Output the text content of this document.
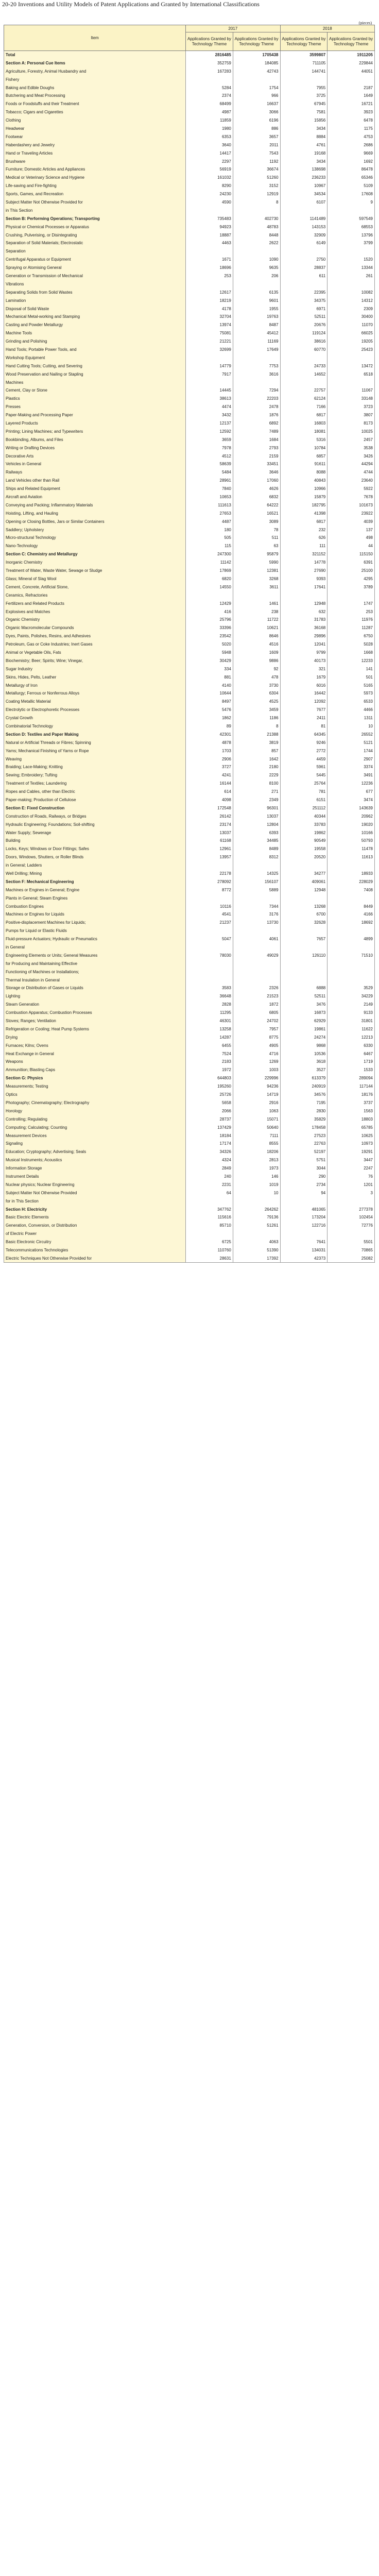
20-20 Inventions and Utility Models of Patent Applications and Granted by International Classifications
(pieces)
Item	2017		2018	
	Applications Granted by Technology Theme	Applications Granted by Technology Theme	Applications Granted by Technology Theme	Applications Granted by Technology Theme
Total	2816485	1705438	3599807	1911205
Section A: Personal Cue Items	352759	184085	711105	229844
Agriculture, Forestry, Animal Husbandry and	167283	42743	144741	44051
Fishery				
Baking and Edible Doughs	5284	1754	7955	2187
Butchering and Meat Processing	2374	966	3725	1649
Foods or Foodstuffs and their Treatment	68499	16637	67945	16721
Tobacco; Cigars and Cigarettes	4987	3066	7581	3923
Clothing	11859	6196	15856	6478
Headwear	1980	886	3434	1175
Footwear	6353	3657	8884	4753
Haberdashery and Jewelry	3640	2011	4761	2686
Hand or Traveling Articles	14417	7543	19168	9669
Brushware	2297	1192	3434	1692
Furniture; Domestic Articles and Appliances	56919	36674	138698	86478
Medical or Veterinary Science and Hygiene	161032	51260	236233	65346
Life-saving and Fire-fighting	8290	3152	10967	5109
Sports, Games, and Recreation	24230	12919	34534	17608
Subject Matter Not Otherwise Provided for	4590	8	6107	9
in This Section				
Section B: Performing Operations; Transporting	735483	402730	1141489	597549
Physical or Chemical Processes or Apparatus	94923	48783	143153	68553
Crushing, Pulverising, or Disintegrating	18887	8448	32909	13796
Separation of Solid Materials; Electrostatic	4463	2622	6149	3799
Separation				
Centrifugal Apparatus or Equipment	1671	1090	2750	1520
Spraying or Atomising General	18696	9635	28837	13344
Generation or Transmission of Mechanical	253	206	611	261
Vibrations				
Separating Solids from Solid Wastes	12617	6135	22395	10082
Lamination	18219	9601	34375	14312
Disposal of Solid Waste	4178	1955	6971	2309
Mechanical Metal-working and Stamping	32704	19763	52511	30400
Casting and Powder Metallurgy	13974	8487	20676	11070
Machine Tools	75081	45412	119124	66025
Grinding and Polishing	21221	11169	38616	19205
Hand Tools; Portable Power Tools, and	32699	17649	60770	25423
Workshop Equipment				
Hand Cutting Tools; Cutting, and Severing	14779	7753	24733	13472
Wood Preservation and Nailing or Stapling	7917	3616	14652	6518
Machines				
Cement, Clay or Stone	14445	7294	22757	11067
Plastics	38613	22203	62124	33148
Presses	4474	2478	7166	3723
Paper-Making and Processing Paper	3432	1876	6817	3807
Layered Products	12137	6892	16803	8173
Printing; Lining Machines; and Typewriters	12592	7489	18081	10025
Bookbinding, Albums, and Files	3659	1684	5316	2457
Writing or Drafting Devices	7978	2793	10784	3538
Decorative Arts	4512	2159	6857	3426
Vehicles in General	58639	33451	91611	44294
Railways	5484	3646	8088	4744
Land Vehicles other than Rail	28961	17060	40843	23640
Ships and Related Equipment	7840	4626	10966	5922
Aircraft and Aviation	10653	6832	15879	7678
Conveying and Packing; Inflammatory Materials	111613	64222	182795	101673
Hoisting, Lifting, and Hauling	27653	16521	41398	23922
Opening or Closing Bottles, Jars or Similar Containers	4487	3089	6817	4039
Saddlery; Upholstery	180	78	232	137
Micro-structural Technology	505	511	626	498
Nano-Technology	115	63	111	44
Section C: Chemistry and Metallurgy	247300	95879	321152	115150
Inorganic Chemistry	11142	5990	14778	6391
Treatment of Water, Waste Water, Sewage or Sludge	17869	12381	27690	25100
Glass; Mineral of Slag Wool	6820	3268	9393	4295
Cement, Concrete, Artificial Stone,	14550	3611	17641	3789
Ceramics, Refractories				
Fertilizers and Related Products	12429	1461	12948	1747
Explosives and Matches	416	238	632	253
Organic Chemistry	25796	11722	31783	11976
Organic Macromolecular Compounds	33396	10621	36168	11287
Dyes, Paints, Polishes, Resins, and Adhesives	23542	8646	29896	6750
Petroleum, Gas or Coke Industries; Inert Gases	5020	4516	12041	5028
Animal or Vegetable Oils, Fats	5948	1609	9799	1668
Biochemistry; Beer; Spirits; Wine; Vinegar,	30429	9886	40173	12233
Sugar Industry	334	92	321	141
Skins, Hides, Pelts, Leather	881	478	1679	501
Metallurgy of Iron	4140	3730	6016	5165
Metallurgy; Ferrous or Nonferrous Alloys	10644	6304	16442	5973
Coating Metallic Material	8497	4525	12092	6533
Electrolytic or Electrophoretic Processes	5476	3459	7677	4466
Crystal Growth	1862	1186	2411	1311
Combinatorial Technology	89	8	81	10
Section D: Textiles and Paper Making	42301	21388	64345	26552
Natural or Artificial Threads or Fibres; Spinning	4878	3819	9246	5121
Yarns; Mechanical Finishing of Yarns or Rope	1703	857	2772	1744
Weaving	2906	1642	4459	2907
Braiding; Lace-Making; Knitting	3727	2180	5961	3374
Sewing; Embroidery; Tufting	4241	2229	5445	3491
Treatment of Textiles; Laundering	16144	8100	25764	12236
Ropes and Cables, other than Electric	614	271	781	677
Paper-making; Production of Cellulose	4098	2349	6151	3474
Section E: Fixed Construction	172548	96301	251112	143639
Construction of Roads, Railways, or Bridges	26142	13037	40344	20962
Hydraulic Engineering; Foundations; Soil-shifting	23174	12804	33783	19020
Water Supply; Sewerage	13037	6393	19862	10166
Building	61168	34485	90549	50793
Locks, Keys; Windows or Door Fittings; Safes	12961	8489	19558	11478
Doors, Windows, Shutters, or Roller Blinds	13957	8312	20520	11613
in General; Ladders				
Well Drilling; Mining	22178	14325	34277	18933
Section F: Mechanical Engineering	278092	156107	409061	228029
Machines or Engines in General; Engine	8772	5889	12948	7408
Plants in General; Steam Engines				
Combustion Engines	10116	7344	13268	8449
Machines or Engines for Liquids	4541	3176	6700	4166
Positive-displacement Machines for Liquids;	21237	13730	32628	18692
Pumps for Liquid or Elastic Fluids				
Fluid-pressure Actuators; Hydraulic or Pneumatics	5047	4061	7657	4899
in General				
Engineering Elements or Units; General Measures	78030	49029	126110	71510
for Producing and Maintaining Effective				
Functioning of Machines or Installations;				
Thermal Insulation in General				
Storage or Distribution of Gases or Liquids	3583	2326	6888	3529
Lighting	36648	21523	52511	34229
Steam Generation	2828	1872	3476	2149
Combustion Apparatus; Combustion Processes	11295	6805	16873	9133
Stoves; Ranges; Ventilation	46301	24702	62929	31801
Refrigeration or Cooling; Heat Pump Systems	13258	7957	19861	11622
Drying	14287	8775	24274	12213
Furnaces; Kilns; Ovens	6455	4905	9868	6330
Heat Exchange in General	7524	4716	10536	6467
Weapons	2183	1269	3618	1719
Ammunition; Blasting Caps	1972	1003	3527	1533
Section G: Physics	644803	229996	613379	289094
Measurements; Testing	195260	94236	240919	117144
Optics	25726	14719	34576	18176
Photography; Cinematography; Electrography	5658	2916	7195	3737
Horology	2066	1063	2830	1563
Controlling; Regulating	28737	15071	35829	18803
Computing; Calculating; Counting	137429	50640	178458	65785
Measurement Devices	18184	7111	27523	10625
Signaling	17174	8555	22763	10973
Education; Cryptography; Advertising; Seals	34326	18206	52197	19291
Musical Instruments; Acoustics	4324	2813	5751	3447
Information Storage	2849	1973	3044	2247
Instrument Details	240	146	290	76
Nuclear physics; Nuclear Engineering	2231	1019	2734	1201
Subject Matter Not Otherwise Provided	64	10	94	3
for in This Section				
Section H: Electricity	347762	264262	481065	277378
Basic Electric Elements	115616	79136	173204	102454
Generation, Conversion, or Distribution	85710	51261	122716	72776
of Electric Power				
Basic Electronic Circuitry	6725	4063	7641	5501
Telecommunications Technologies	110760	51390	134031	70865
Electric Techniques Not Otherwise Provided for	28631	17392	42373	25082
